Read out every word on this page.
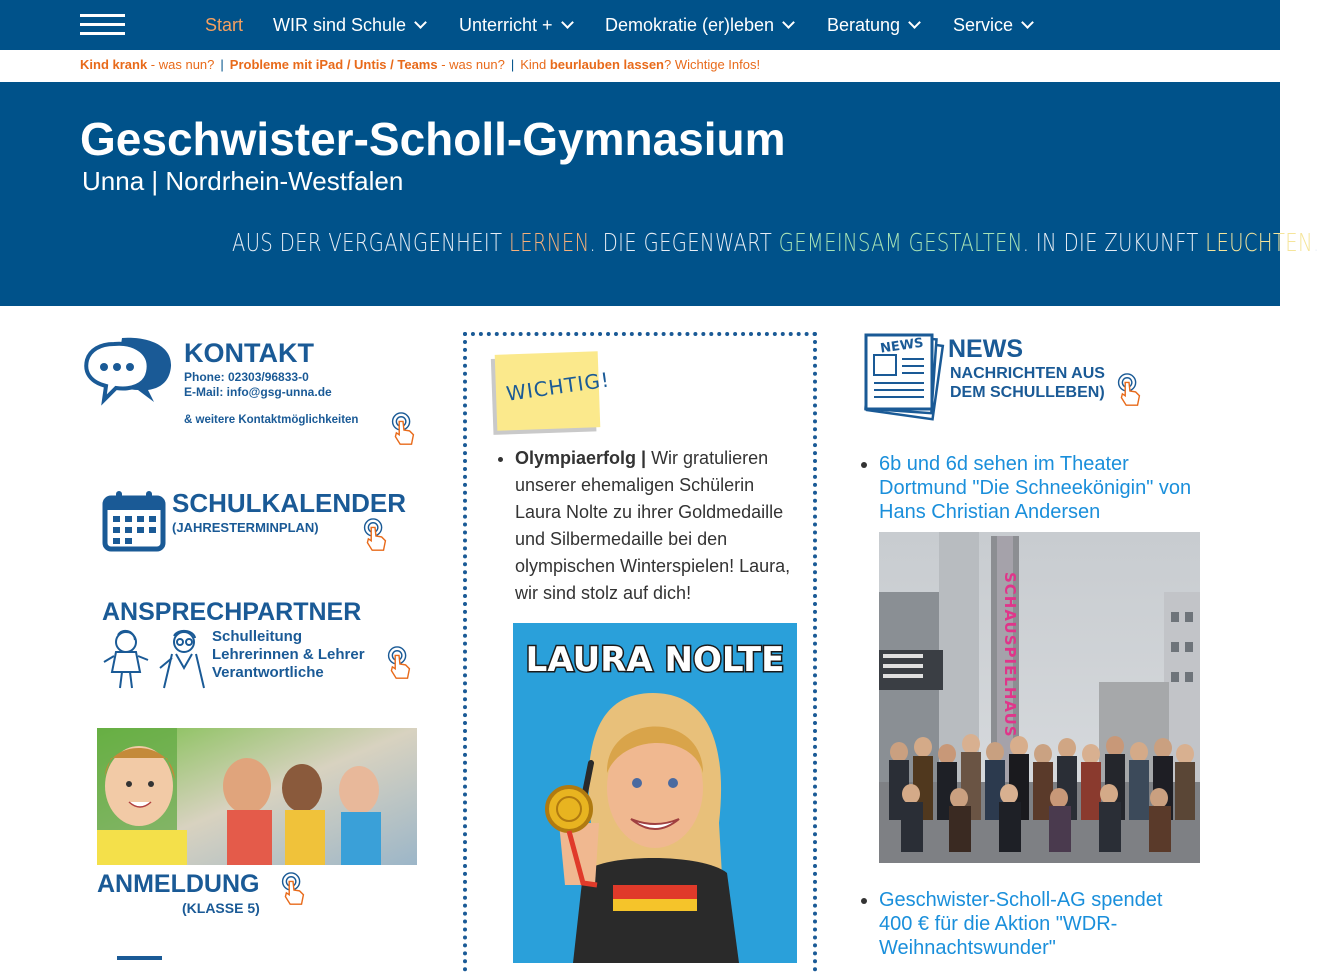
Start WIR sind Schule	Unterricht +	Demokratie (er)leben	Beratung	Service
Kind krank - was nun? | Probleme mit iPad / Untis / Teams - was nun? | Kind beurlauben lassen? Wichtige Infos!
Geschwister-Scholl-Gymnasium
Unna | Nordrhein-Westfalen
AUS DER VERGANGENHEIT LERNEN. DIE GEGENWART GEMEINSAM GESTALTEN. IN DIE ZUKUNFT LEUCHTEN.
KONTAKT
Phone: 02303/96833-0
E-Mail: info@gsg-unna.de
& weitere Kontaktmöglichkeiten
SCHULKALENDER
(JAHRESTERMINPLAN)
ANSPRECHPARTNER
Schulleitung
Lehrerinnen & Lehrer
Verantwortliche
ANMELDUNG
(KLASSE 5)
WICHTIG!
• Olympiaerfolg | Wir gratulieren unserer ehemaligen Schülerin Laura Nolte zu ihrer Goldmedaille und Silbermedaille bei den olympischen Winterspielen! Laura, wir sind stolz auf dich!
LAURA NOLTE
NEWS NEWS
NACHRICHTEN AUS
DEM SCHULLEBEN)
• 6b und 6d sehen im Theater Dortmund "Die Schneekönigin" von Hans Christian Andersen
SCHAUSPIELHAUS
• Geschwister-Scholl-AG spendet 400 € für die Aktion "WDR-Weihnachtswunder"
